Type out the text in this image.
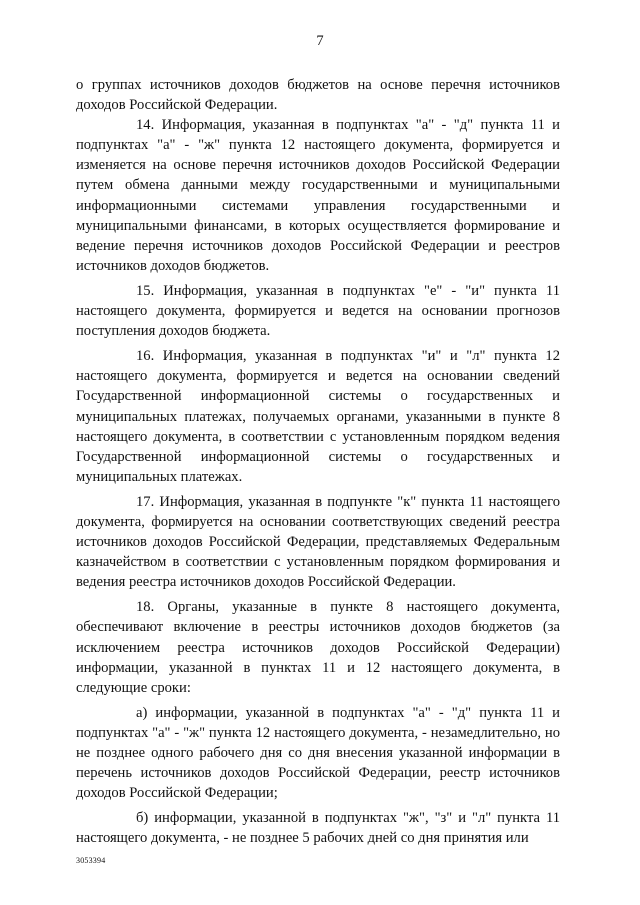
7

о группах источников доходов бюджетов на основе перечня источников доходов Российской Федерации.

14. Информация, указанная в подпунктах "а" - "д" пункта 11 и подпунктах "а" - "ж" пункта 12 настоящего документа, формируется и изменяется на основе перечня источников доходов Российской Федерации путем обмена данными между государственными и муниципальными информационными системами управления государственными и муниципальными финансами, в которых осуществляется формирование и ведение перечня источников доходов Российской Федерации и реестров источников доходов бюджетов.

15. Информация, указанная в подпунктах "е" - "и" пункта 11 настоящего документа, формируется и ведется на основании прогнозов поступления доходов бюджета.

16. Информация, указанная в подпунктах "и" и "л" пункта 12 настоящего документа, формируется и ведется на основании сведений Государственной информационной системы о государственных и муниципальных платежах, получаемых органами, указанными в пункте 8 настоящего документа, в соответствии с установленным порядком ведения Государственной информационной системы о государственных и муниципальных платежах.

17. Информация, указанная в подпункте "к" пункта 11 настоящего документа, формируется на основании соответствующих сведений реестра источников доходов Российской Федерации, представляемых Федеральным казначейством в соответствии с установленным порядком формирования и ведения реестра источников доходов Российской Федерации.

18. Органы, указанные в пункте 8 настоящего документа, обеспечивают включение в реестры источников доходов бюджетов (за исключением реестра источников доходов Российской Федерации) информации, указанной в пунктах 11 и 12 настоящего документа, в следующие сроки:

а) информации, указанной в подпунктах "а" - "д" пункта 11 и подпунктах "а" - "ж" пункта 12 настоящего документа, - незамедлительно, но не позднее одного рабочего дня со дня внесения указанной информации в перечень источников доходов Российской Федерации, реестр источников доходов Российской Федерации;

б) информации, указанной в подпунктах "ж", "з" и "л" пункта 11 настоящего документа, - не позднее 5 рабочих дней со дня принятия или

3053394
